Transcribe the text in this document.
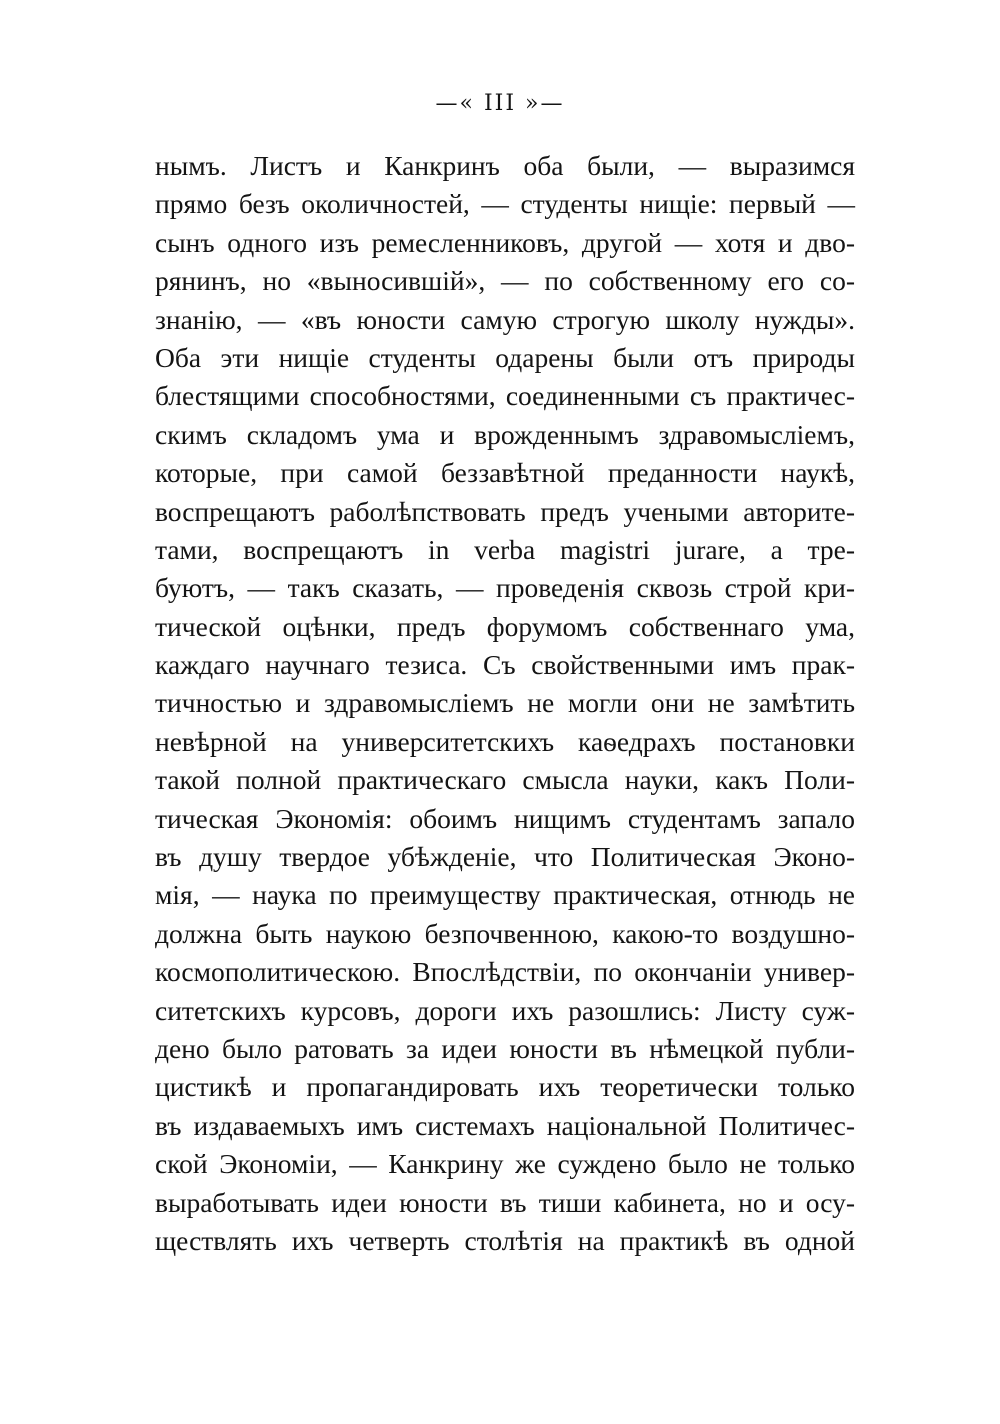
—« III »—
нымъ. Листъ и Канкринъ оба были, — выразимся
прямо безъ околичностей, — студенты нищіе: первый —
сынъ одного изъ ремесленниковъ, другой — хотя и дво-
рянинъ, но «выносившій», — по собственному его со-
знанію, — «въ юности самую строгую школу нужды».
Оба эти нищіе студенты одарены были отъ природы
блестящими способностями, соединенными съ практичес-
скимъ складомъ ума и врожденнымъ здравомысліемъ,
которые, при самой беззавѣтной преданности наукѣ,
воспрещаютъ раболѣпствовать предъ учеными авторите-
тами, воспрещаютъ in verba magistri jurare, а тре-
буютъ, — такъ сказать, — проведенія сквозь строй кри-
тической оцѣнки, предъ форумомъ собственнаго ума,
каждаго научнаго тезиса. Съ свойственными имъ прак-
тичностью и здравомысліемъ не могли они не замѣтить
невѣрной на университетскихъ каѳедрахъ постановки
такой полной практическаго смысла науки, какъ Поли-
тическая Экономія: обоимъ нищимъ студентамъ запало
въ душу твердое убѣжденіе, что Политическая Эконо-
мія, — наука по преимуществу практическая, отнюдь не
должна быть наукою безпочвенною, какою-то воздушно-
космополитическою. Впослѣдствіи, по окончаніи универ-
ситетскихъ курсовъ, дороги ихъ разошлись: Листу суж-
дено было ратовать за идеи юности въ нѣмецкой публи-
цистикѣ и пропагандировать ихъ теоретически только
въ издаваемыхъ имъ системахъ національной Политичес-
ской Экономіи, — Канкрину же суждено было не только
выработывать идеи юности въ тиши кабинета, но и осу-
ществлять ихъ четверть столѣтія на практикѣ въ одной
